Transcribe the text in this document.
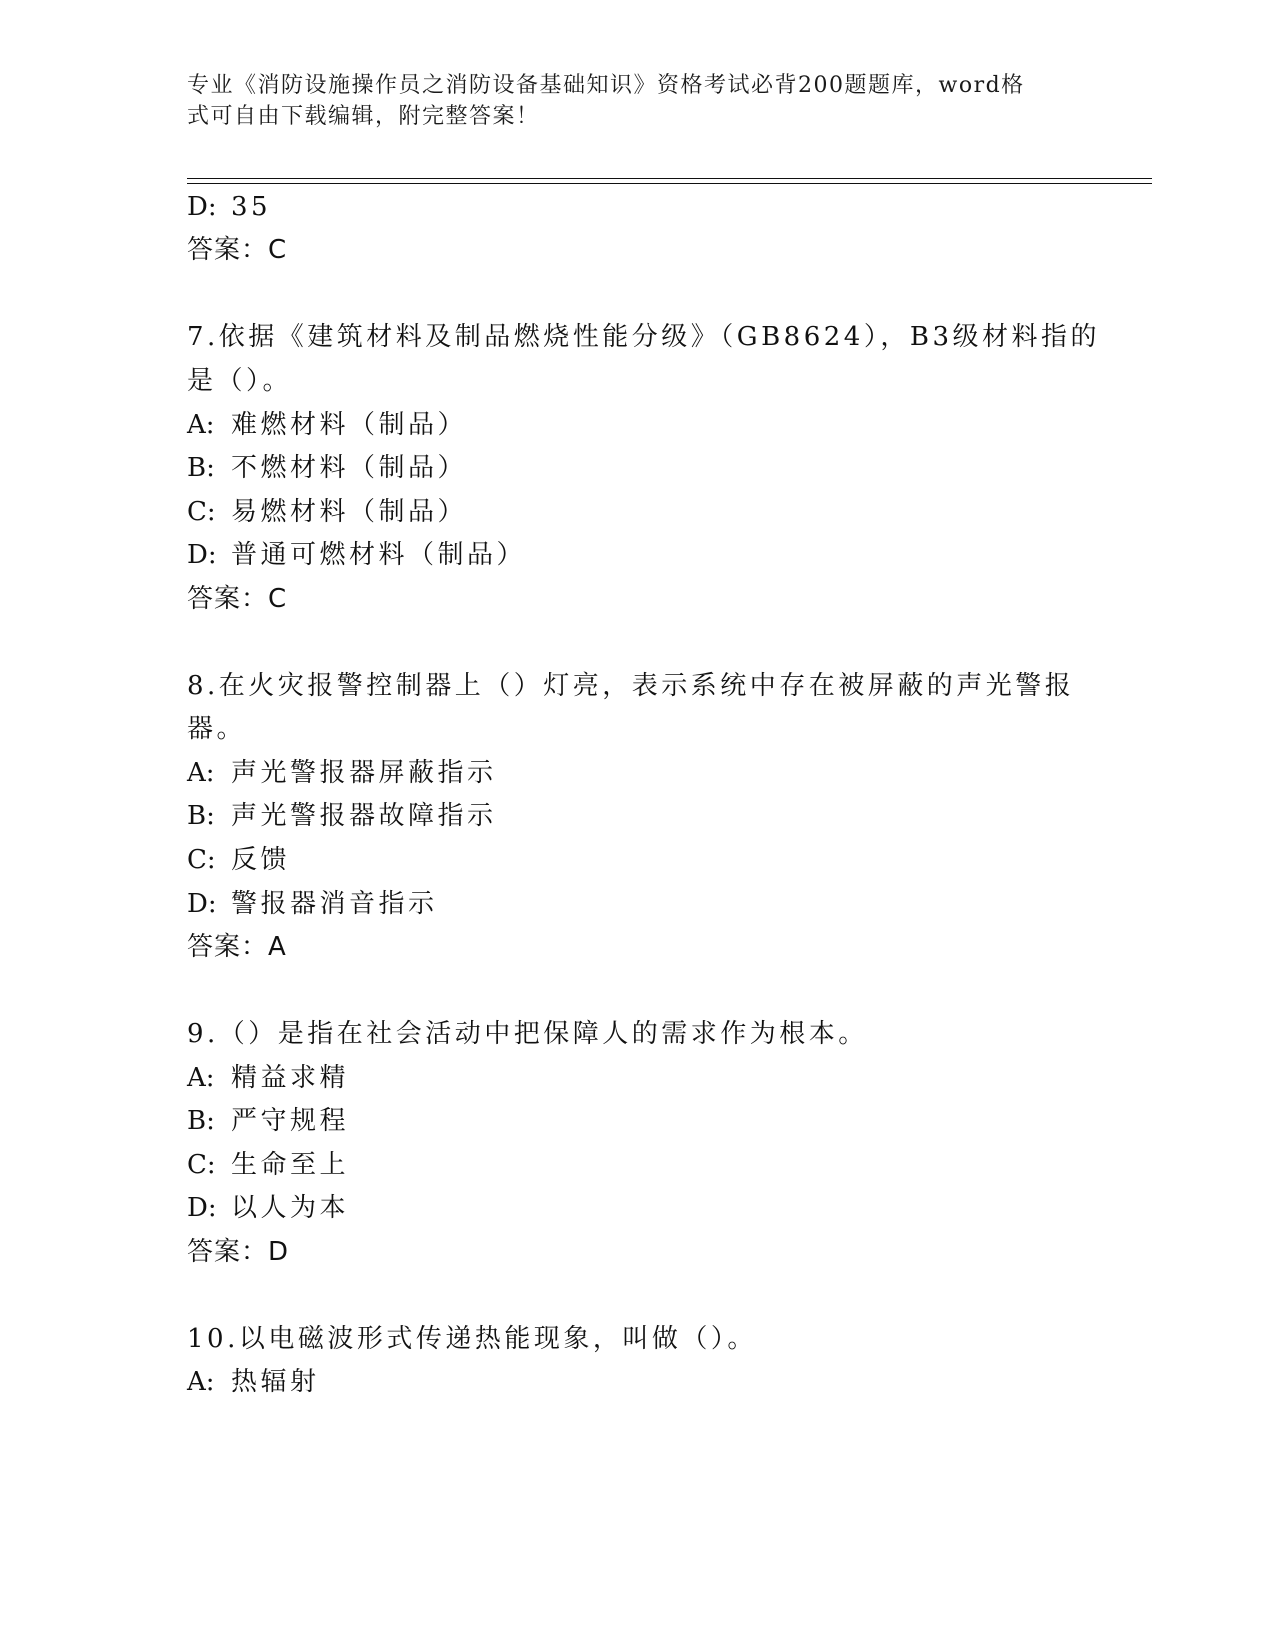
专业《消防设施操作员之消防设备基础知识》资格考试必背200题题库，word格
式可自由下载编辑，附完整答案！
D: 35
答案：C
7.依据《建筑材料及制品燃烧性能分级》（GB8624），B3级材料指的
是（）。
A: 难燃材料（制品）
B: 不燃材料（制品）
C: 易燃材料（制品）
D: 普通可燃材料（制品）
答案：C
8.在火灾报警控制器上（）灯亮，表示系统中存在被屏蔽的声光警报
器。
A: 声光警报器屏蔽指示
B: 声光警报器故障指示
C: 反馈
D: 警报器消音指示
答案：A
9.（）是指在社会活动中把保障人的需求作为根本。
A: 精益求精
B: 严守规程
C: 生命至上
D: 以人为本
答案：D
10.以电磁波形式传递热能现象，叫做（）。
A: 热辐射
